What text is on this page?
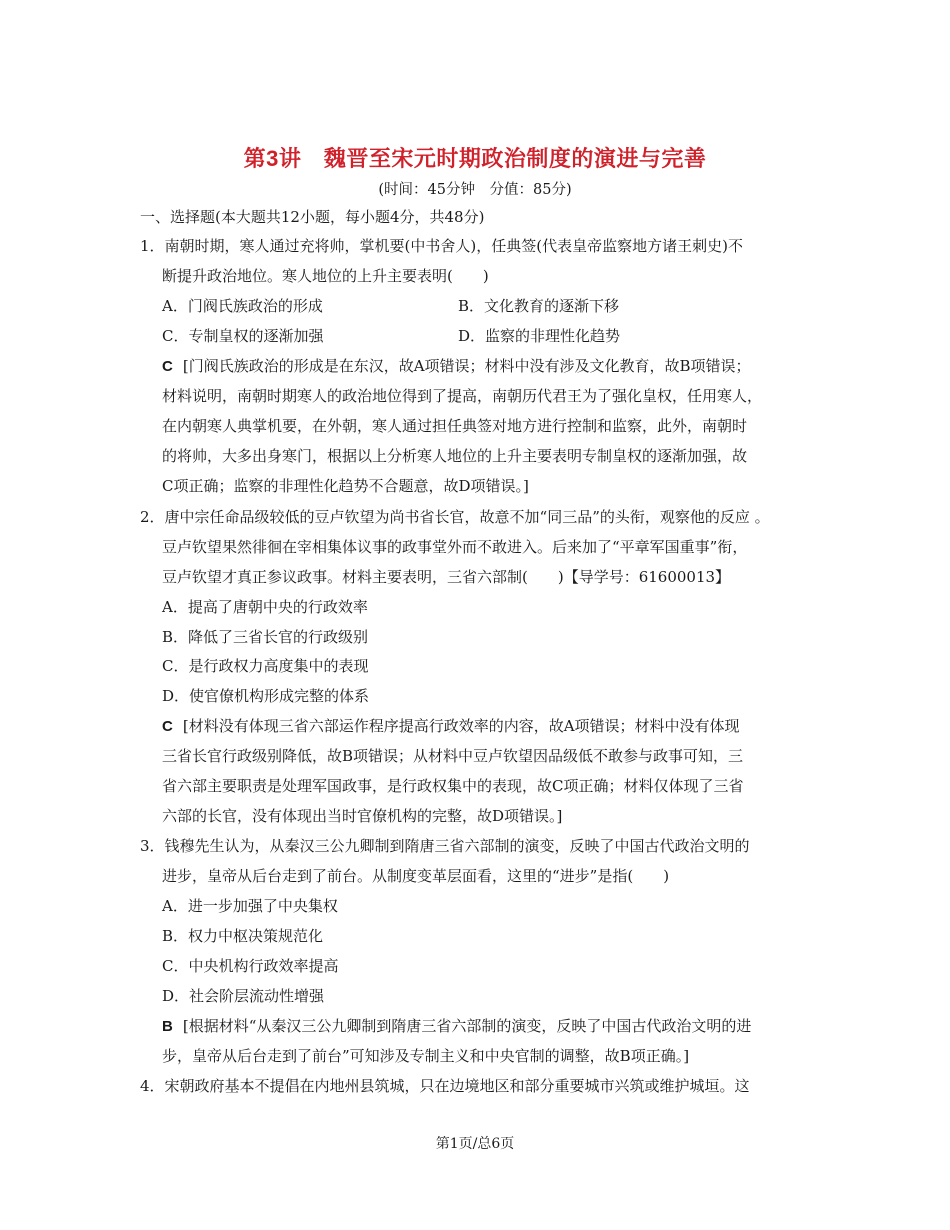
第3讲　魏晋至宋元时期政治制度的演进与完善
(时间：45分钟　分值：85分)
一、选择题(本大题共12小题，每小题4分，共48分)
1．南朝时期，寒人通过充将帅，掌机要(中书舍人)，任典签(代表皇帝监察地方诸王刺史)不
断提升政治地位。寒人地位的上升主要表明(　　)
A．门阀氏族政治的形成	B．文化教育的逐渐下移
C．专制皇权的逐渐加强	D．监察的非理性化趋势
C [门阀氏族政治的形成是在东汉，故A项错误；材料中没有涉及文化教育，故B项错误；
材料说明，南朝时期寒人的政治地位得到了提高，南朝历代君王为了强化皇权，任用寒人，
在内朝寒人典掌机要，在外朝，寒人通过担任典签对地方进行控制和监察，此外，南朝时
的将帅，大多出身寒门，根据以上分析寒人地位的上升主要表明专制皇权的逐渐加强，故
C项正确；监察的非理性化趋势不合题意，故D项错误。]
2．唐中宗任命品级较低的豆卢钦望为尚书省长官，故意不加“同三品”的头衔，观察他的反应 。
豆卢钦望果然徘徊在宰相集体议事的政事堂外而不敢进入。后来加了“平章军国重事”衔，
豆卢钦望才真正参议政事。材料主要表明，三省六部制(　　)【导学号：61600013】
A．提高了唐朝中央的行政效率
B．降低了三省长官的行政级别
C．是行政权力高度集中的表现
D．使官僚机构形成完整的体系
C [材料没有体现三省六部运作程序提高行政效率的内容，故A项错误；材料中没有体现
三省长官行政级别降低，故B项错误；从材料中豆卢钦望因品级低不敢参与政事可知，三
省六部主要职责是处理军国政事，是行政权集中的表现，故C项正确；材料仅体现了三省
六部的长官，没有体现出当时官僚机构的完整，故D项错误。]
3．钱穆先生认为，从秦汉三公九卿制到隋唐三省六部制的演变，反映了中国古代政治文明的
进步，皇帝从后台走到了前台。从制度变革层面看，这里的“进步”是指(　　)
A．进一步加强了中央集权
B．权力中枢决策规范化
C．中央机构行政效率提高
D．社会阶层流动性增强
B [根据材料“从秦汉三公九卿制到隋唐三省六部制的演变，反映了中国古代政治文明的进
步，皇帝从后台走到了前台”可知涉及专制主义和中央官制的调整，故B项正确。]
4．宋朝政府基本不提倡在内地州县筑城，只在边境地区和部分重要城市兴筑或维护城垣。这
第1页/总6页
